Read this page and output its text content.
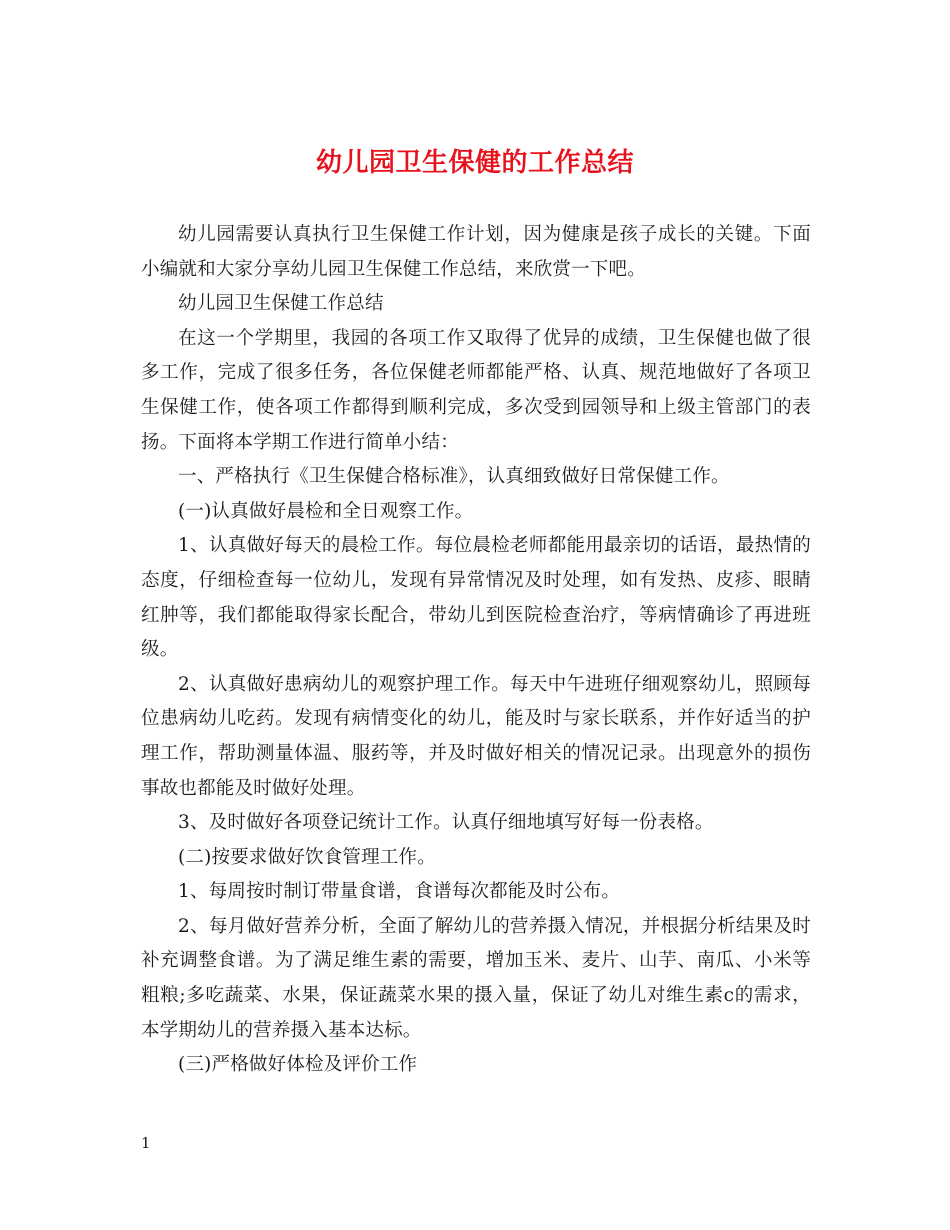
幼儿园卫生保健的工作总结

幼儿园需要认真执行卫生保健工作计划，因为健康是孩子成长的关键。下面小编就和大家分享幼儿园卫生保健工作总结，来欣赏一下吧。

幼儿园卫生保健工作总结

在这一个学期里，我园的各项工作又取得了优异的成绩，卫生保健也做了很多工作，完成了很多任务，各位保健老师都能严格、认真、规范地做好了各项卫生保健工作，使各项工作都得到顺利完成，多次受到园领导和上级主管部门的表扬。下面将本学期工作进行简单小结：

一、严格执行《卫生保健合格标准》，认真细致做好日常保健工作。

(一)认真做好晨检和全日观察工作。

1、认真做好每天的晨检工作。每位晨检老师都能用最亲切的话语，最热情的态度，仔细检查每一位幼儿，发现有异常情况及时处理，如有发热、皮疹、眼睛红肿等，我们都能取得家长配合，带幼儿到医院检查治疗，等病情确诊了再进班级。

2、认真做好患病幼儿的观察护理工作。每天中午进班仔细观察幼儿，照顾每位患病幼儿吃药。发现有病情变化的幼儿，能及时与家长联系，并作好适当的护理工作，帮助测量体温、服药等，并及时做好相关的情况记录。出现意外的损伤事故也都能及时做好处理。

3、及时做好各项登记统计工作。认真仔细地填写好每一份表格。

(二)按要求做好饮食管理工作。

1、每周按时制订带量食谱，食谱每次都能及时公布。

2、每月做好营养分析，全面了解幼儿的营养摄入情况，并根据分析结果及时补充调整食谱。为了满足维生素的需要，增加玉米、麦片、山芋、南瓜、小米等粗粮;多吃蔬菜、水果，保证蔬菜水果的摄入量，保证了幼儿对维生素c的需求，本学期幼儿的营养摄入基本达标。

(三)严格做好体检及评价工作

1
